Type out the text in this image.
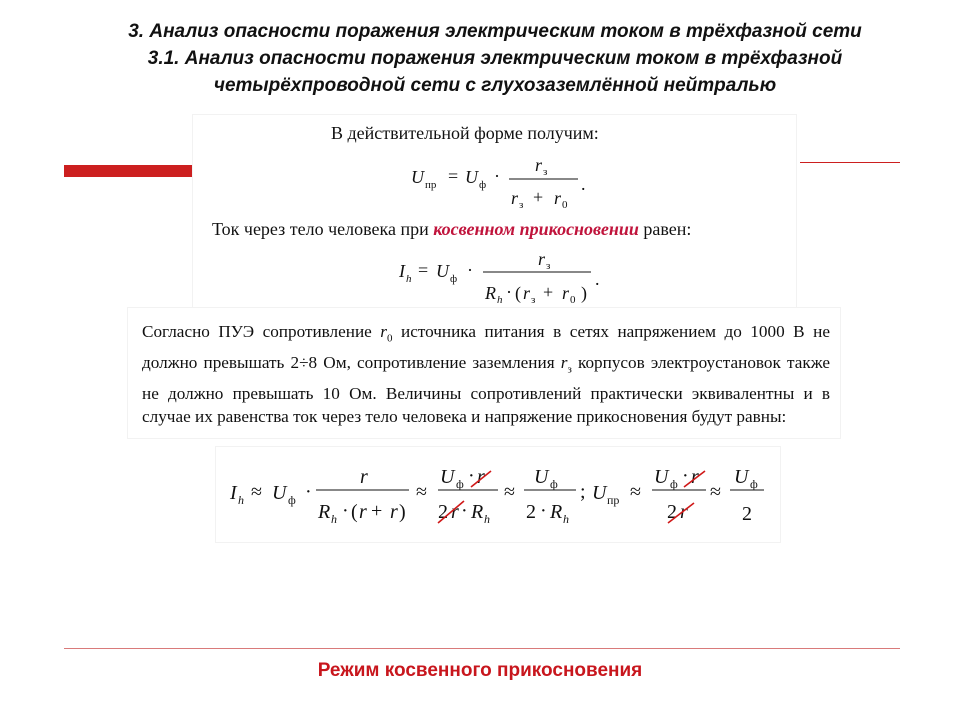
3. Анализ опасности поражения электрическим током в трёхфазной сети
3.1. Анализ опасности поражения электрическим током в трёхфазной
четырёхпроводной сети с глухозаземлённой нейтралью
В действительной форме получим:
U пр = U ф ·
r з
r з + r 0
.
Ток через тело человека при косвенном прикосновении равен:
I h = U ф ·
r з
R h · ( r з + r 0 )
.
Согласно ПУЭ сопротивление $r_0$ источника питания в сетях напряжением до 1000 В не должно превышать 2÷8 Ом, сопротивление заземления $r_з$ корпусов электроустановок также не должно превышать 10 Ом. Величины сопротивлений практически эквивалентны и в случае их равенства ток через тело человека и напряжение прикосновения будут равны:
I h ≈ U ф ·
r
R h · ( r + r )
≈
U ф · r
2 r · R h
≈
U ф
2 · R h
; U пр ≈
U ф · r
2 r
≈
U ф
2
Режим косвенного прикосновения
